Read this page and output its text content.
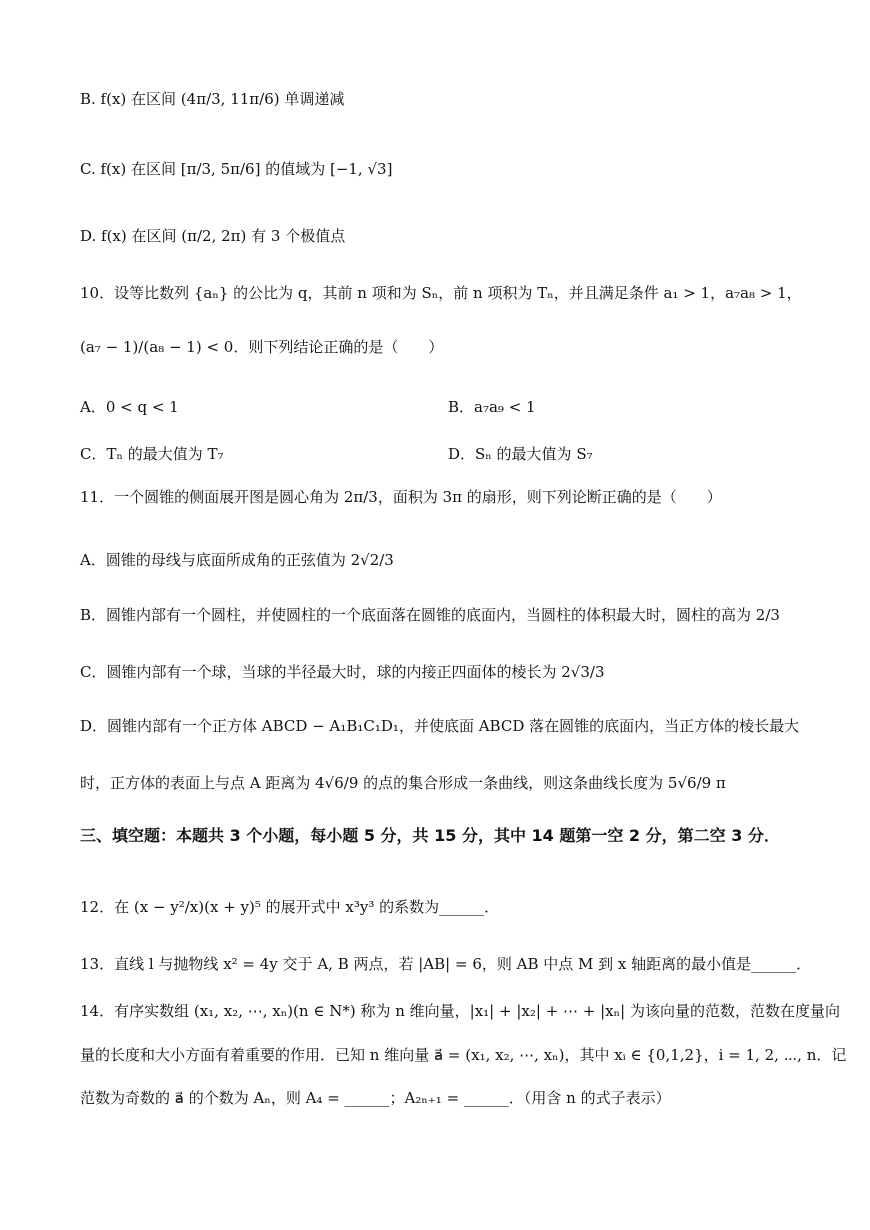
B. f(x) 在区间 (4π/3, 11π/6) 单调递减
C. f(x) 在区间 [π/3, 5π/6] 的值域为 [−1, √3]
D. f(x) 在区间 (π/2, 2π) 有 3 个极值点
10．设等比数列 {aₙ} 的公比为 q，其前 n 项和为 Sₙ，前 n 项积为 Tₙ，并且满足条件 a₁ > 1，a₇a₈ > 1，
(a₇ − 1)/(a₈ − 1) < 0．则下列结论正确的是（　　）
A．0 < q < 1	B．a₇a₉ < 1
C．Tₙ 的最大值为 T₇	D．Sₙ 的最大值为 S₇
11．一个圆锥的侧面展开图是圆心角为 2π/3，面积为 3π 的扇形，则下列论断正确的是（　　）
A．圆锥的母线与底面所成角的正弦值为 2√2/3
B．圆锥内部有一个圆柱，并使圆柱的一个底面落在圆锥的底面内，当圆柱的体积最大时，圆柱的高为 2/3
C．圆锥内部有一个球，当球的半径最大时，球的内接正四面体的棱长为 2√3/3
D．圆锥内部有一个正方体 ABCD − A₁B₁C₁D₁，并使底面 ABCD 落在圆锥的底面内，当正方体的棱长最大
时，正方体的表面上与点 A 距离为 4√6/9 的点的集合形成一条曲线，则这条曲线长度为 5√6/9 π
三、填空题：本题共 3 个小题，每小题 5 分，共 15 分，其中 14 题第一空 2 分，第二空 3 分．
12．在 (x − y²/x)(x + y)⁵ 的展开式中 x³y³ 的系数为______．
13．直线 l 与抛物线 x² = 4y 交于 A, B 两点，若 |AB| = 6，则 AB 中点 M 到 x 轴距离的最小值是______．
14．有序实数组 (x₁, x₂, ⋯, xₙ)(n ∈ N*) 称为 n 维向量，|x₁| + |x₂| + ⋯ + |xₙ| 为该向量的范数，范数在度量向
量的长度和大小方面有着重要的作用．已知 n 维向量 a⃗ = (x₁, x₂, ⋯, xₙ)，其中 xᵢ ∈ {0,1,2}，i = 1, 2, ⋯, n．记
范数为奇数的 a⃗ 的个数为 Aₙ，则 A₄ = ______；A₂ₙ₊₁ = ______．（用含 n 的式子表示）
